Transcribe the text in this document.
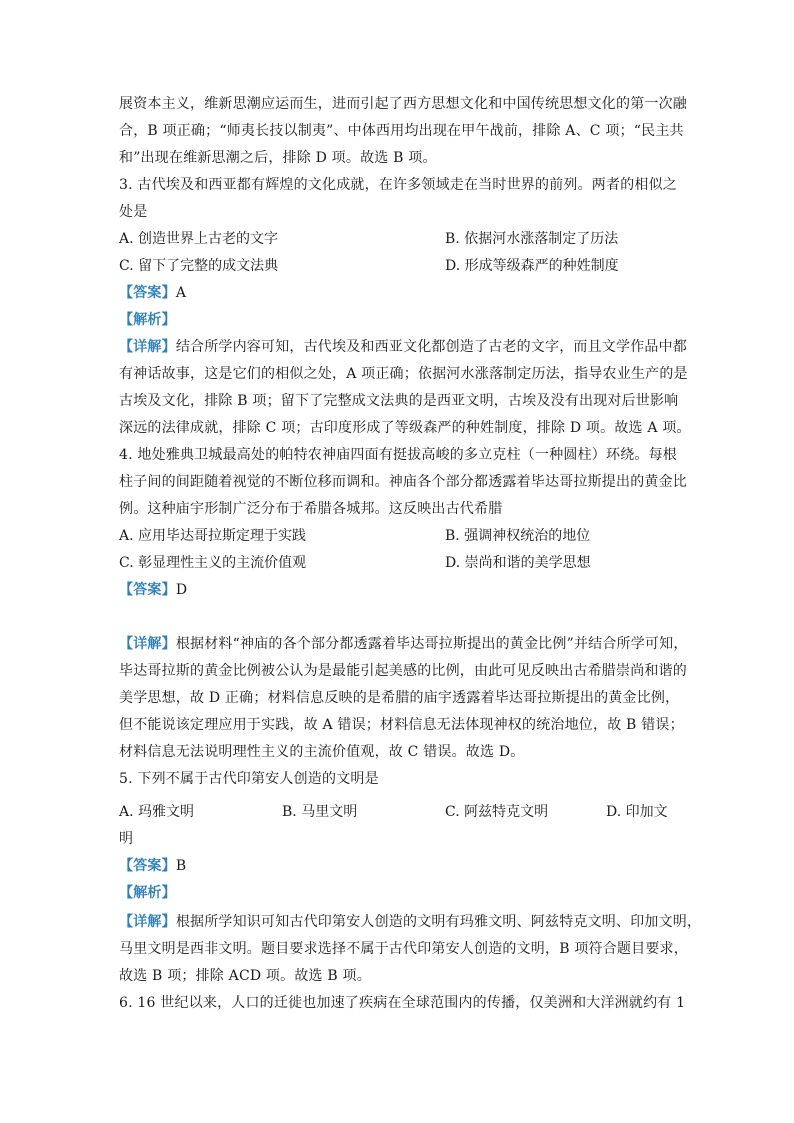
展资本主义，维新思潮应运而生，进而引起了西方思想文化和中国传统思想文化的第一次融
合，B 项正确；“师夷长技以制夷”、中体西用均出现在甲午战前，排除 A、C 项；“民主共
和”出现在维新思潮之后，排除 D 项。故选 B 项。
3. 古代埃及和西亚都有辉煌的文化成就，在许多领域走在当时世界的前列。两者的相似之
处是
A. 创造世界上古老的文字	B. 依据河水涨落制定了历法
C. 留下了完整的成文法典	D. 形成等级森严的种姓制度
【答案】A
【解析】
【详解】结合所学内容可知，古代埃及和西亚文化都创造了古老的文字，而且文学作品中都
有神话故事，这是它们的相似之处，A 项正确；依据河水涨落制定历法，指导农业生产的是
古埃及文化，排除 B 项；留下了完整成文法典的是西亚文明，古埃及没有出现对后世影响
深远的法律成就，排除 C 项；古印度形成了等级森严的种姓制度，排除 D 项。故选 A 项。
4. 地处雅典卫城最高处的帕特农神庙四面有挺拔高峻的多立克柱（一种圆柱）环绕。每根
柱子间的间距随着视觉的不断位移而调和。神庙各个部分都透露着毕达哥拉斯提出的黄金比
例。这种庙宇形制广泛分布于希腊各城邦。这反映出古代希腊
A. 应用毕达哥拉斯定理于实践	B. 强调神权统治的地位
C. 彰显理性主义的主流价值观	D. 崇尚和谐的美学思想
【答案】D
【详解】根据材料“神庙的各个部分都透露着毕达哥拉斯提出的黄金比例”并结合所学可知，
毕达哥拉斯的黄金比例被公认为是最能引起美感的比例，由此可见反映出古希腊崇尚和谐的
美学思想，故 D 正确；材料信息反映的是希腊的庙宇透露着毕达哥拉斯提出的黄金比例，
但不能说该定理应用于实践，故 A 错误；材料信息无法体现神权的统治地位，故 B 错误；
材料信息无法说明理性主义的主流价值观，故 C 错误。故选 D。
5. 下列不属于古代印第安人创造的文明是
A. 玛雅文明	B. 马里文明	C. 阿兹特克文明	D. 印加文
明
【答案】B
【解析】
【详解】根据所学知识可知古代印第安人创造的文明有玛雅文明、阿兹特克文明、印加文明，
马里文明是西非文明。题目要求选择不属于古代印第安人创造的文明，B 项符合题目要求，
故选 B 项；排除 ACD 项。故选 B 项。
6. 16 世纪以来，人口的迁徙也加速了疾病在全球范围内的传播，仅美洲和大洋洲就约有 1
